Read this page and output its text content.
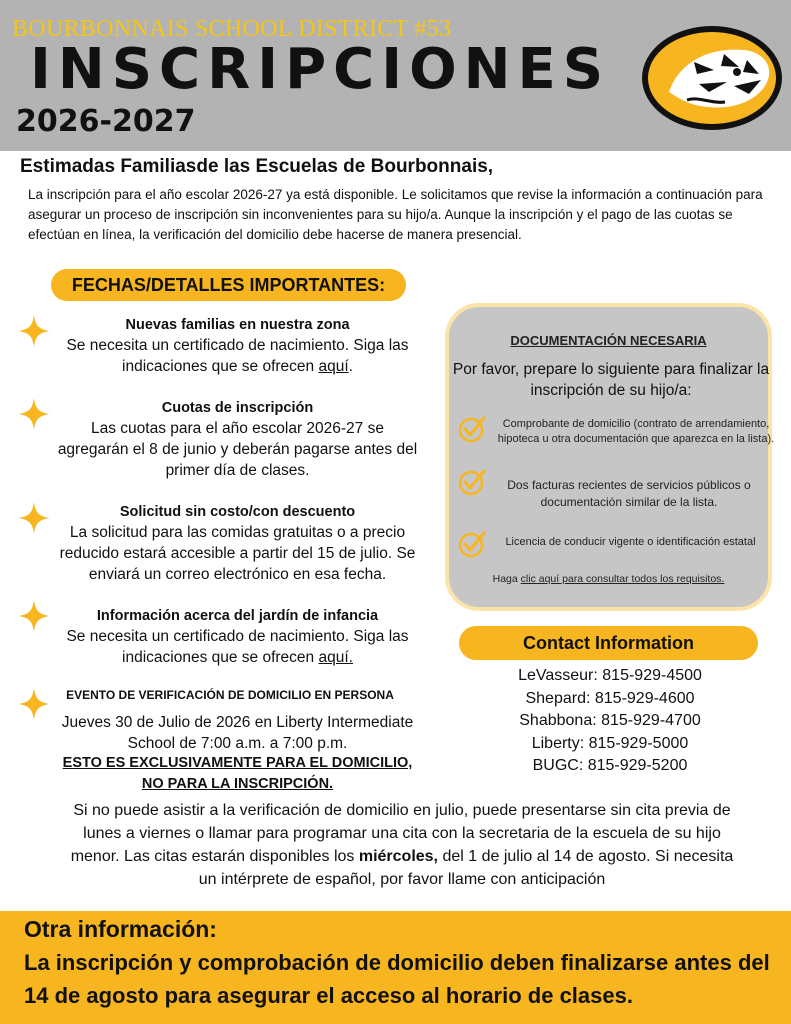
BOURBONNAIS SCHOOL DISTRICT #53
INSCRIPCIONES
2026-2027
Estimadas Familiasde las Escuelas de Bourbonnais,
La inscripción para el año escolar 2026-27 ya está disponible. Le solicitamos que revise la información a continuación para asegurar un proceso de inscripción sin inconvenientes para su hijo/a. Aunque la inscripción y el pago de las cuotas se efectúan en línea, la verificación del domicilio debe hacerse de manera presencial.
FECHAS/DETALLES IMPORTANTES:
Nuevas familias en nuestra zona
Se necesita un certificado de nacimiento. Siga las indicaciones que se ofrecen aquí.
Cuotas de inscripción
Las cuotas para el año escolar 2026-27 se agregarán el 8 de junio y deberán pagarse antes del primer día de clases.
Solicitud sin costo/con descuento
La solicitud para las comidas gratuitas o a precio reducido estará accesible a partir del 15 de julio. Se enviará un correo electrónico en esa fecha.
Información acerca del jardín de infancia
Se necesita un certificado de nacimiento. Siga las indicaciones que se ofrecen aquí.
EVENTO DE VERIFICACIÓN DE DOMICILIO EN PERSONA
Jueves 30 de Julio de 2026 en Liberty Intermediate School de 7:00 a.m. a 7:00 p.m.
ESTO ES EXCLUSIVAMENTE PARA EL DOMICILIO, NO PARA LA INSCRIPCIÓN.
Si no puede asistir a la verificación de domicilio en julio, puede presentarse sin cita previa de lunes a viernes o llamar para programar una cita con la secretaria de la escuela de su hijo menor. Las citas estarán disponibles los miércoles, del 1 de julio al 14 de agosto. Si necesita un intérprete de español, por favor llame con anticipación
DOCUMENTACIÓN NECESARIA
Por favor, prepare lo siguiente para finalizar la inscripción de su hijo/a:
Comprobante de domicilio (contrato de arrendamiento, hipoteca u otra documentación que aparezca en la lista).
Dos facturas recientes de servicios públicos o documentación similar de la lista.
Licencia de conducir vigente o identificación estatal
Haga clic aquí para consultar todos los requisitos.
Contact Information
LeVasseur: 815-929-4500
Shepard: 815-929-4600
Shabbona: 815-929-4700
Liberty: 815-929-5000
BUGC: 815-929-5200
Otra información:
La inscripción y comprobación de domicilio deben finalizarse antes del 14 de agosto para asegurar el acceso al horario de clases.
